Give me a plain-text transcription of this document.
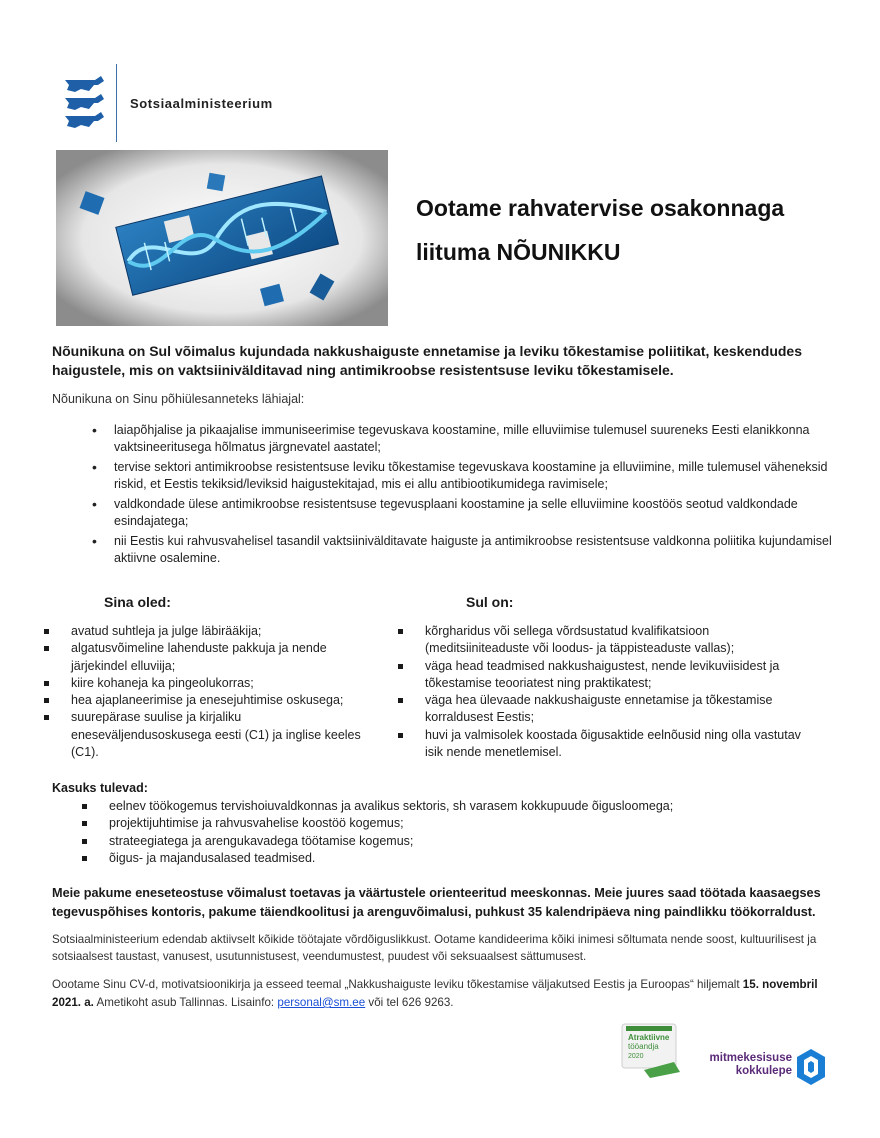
Sotsiaalministeerium
Ootame rahvatervise osakonnaga
liituma NÕUNIKKU
Nõunikuna on Sul võimalus kujundada nakkushaiguste ennetamise ja leviku tõkestamise poliitikat, keskendudes haigustele, mis on vaktsiinivälditavad ning antimikroobse resistentsuse leviku tõkestamisele.
Nõunikuna on Sinu põhiülesanneteks lähiajal:
• laiapõhjalise ja pikaajalise immuniseerimise tegevuskava koostamine, mille elluviimise tulemusel suureneks Eesti elanikkonna vaktsineeritusega hõlmatus järgnevatel aastatel;
• tervise sektori antimikroobse resistentsuse leviku tõkestamise tegevuskava koostamine ja elluviimine, mille tulemusel väheneksid riskid, et Eestis tekiksid/leviksid haigustekitajad, mis ei allu antibiootikumidega ravimisele;
• valdkondade ülese antimikroobse resistentsuse tegevusplaani koostamine ja selle elluviimine koostöös seotud valdkondade esindajatega;
• nii Eestis kui rahvusvahelisel tasandil vaktsiinivälditavate haiguste ja antimikroobse resistentsuse valdkonna poliitika kujundamisel aktiivne osalemine.
Sina oled:	Sul on:
avatud suhtleja ja julge läbirääkija;
algatusvõimeline lahenduste pakkuja ja nende järjekindel elluviija;
kiire kohaneja ka pingeolukorras;
hea ajaplaneerimise ja enesejuhtimise oskusega;
suurepärase suulise ja kirjaliku eneseväljendusoskusega eesti (C1) ja inglise keeles (C1).
kõrgharidus või sellega võrdsustatud kvalifikatsioon (meditsiiniteaduste või loodus- ja täppisteaduste vallas);
väga head teadmised nakkushaigustest, nende levikuviisidest ja tõkestamise teooriatest ning praktikatest;
väga hea ülevaade nakkushaiguste ennetamise ja tõkestamise korraldusest Eestis;
huvi ja valmisolek koostada õigusaktide eelnõusid ning olla vastutav isik nende menetlemisel.
Kasuks tulevad:
eelnev töökogemus tervishoiuvaldkonnas ja avalikus sektoris, sh varasem kokkupuude õigusloomega;
projektijuhtimise ja rahvusvahelise koostöö kogemus;
strateegiatega ja arengukavadega töötamise kogemus;
õigus- ja majandusalased teadmised.
Meie pakume eneseteostuse võimalust toetavas ja väärtustele orienteeritud meeskonnas. Meie juures saad töötada kaasaegses tegevuspõhises kontoris, pakume täiendkoolitusi ja arenguvõimalusi, puhkust 35 kalendripäeva ning paindlikku töökorraldust.
Sotsiaalministeerium edendab aktiivselt kõikide töötajate võrdõiguslikkust. Ootame kandideerima kõiki inimesi sõltumata nende soost, kultuurilisest ja sotsiaalsest taustast, vanusest, usutunnistusest, veendumustest, puudest või seksuaalsest sättumusest.
Oootame Sinu CV-d, motivatsioonikirja ja esseed teemal „Nakkushaiguste leviku tõkestamise väljakutsed Eestis ja Euroopas“ hiljemalt 15. novembril 2021. a. Ametikoht asub Tallinnas. Lisainfo: personal@sm.ee või tel 626 9263.
Atraktiivne
tööandja
2020	mitmekesisuse
kokkulepe
